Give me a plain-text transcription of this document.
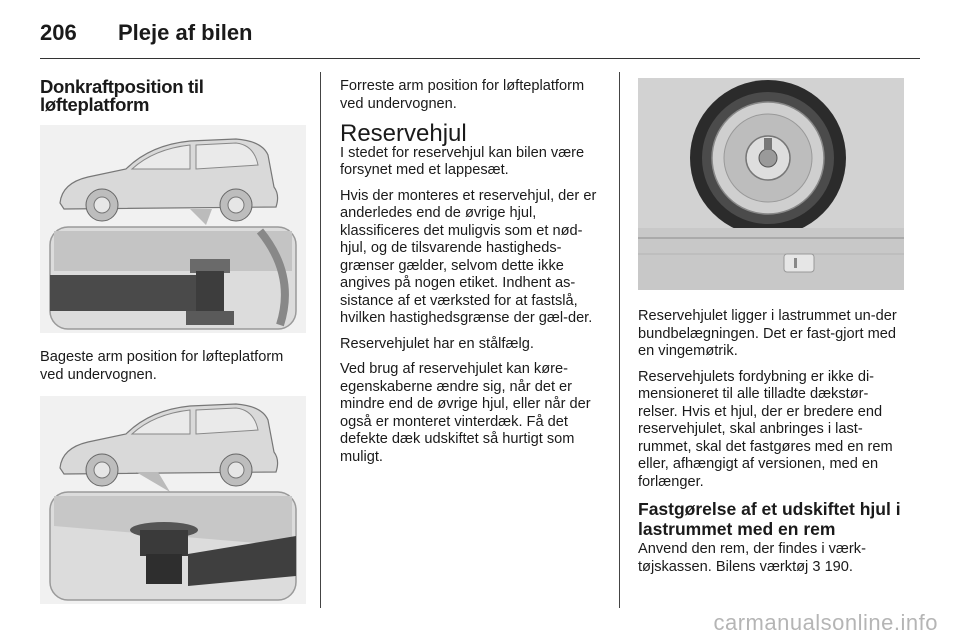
206 Pleje af bilen
Donkraftposition til løfteplatform

Bageste arm position for løfteplatform ved undervognen.

Forreste arm position for løfteplatform ved undervognen.

Reservehjul

I stedet for reservehjul kan bilen være forsynet med et lappesæt.

Hvis der monteres et reservehjul, der er anderledes end de øvrige hjul, klassificeres det muligvis som et nød-hjul, og de tilsvarende hastigheds-grænser gælder, selvom dette ikke angives på nogen etiket. Indhent as-sistance af et værksted for at fastslå, hvilken hastighedsgrænse der gæl-der.

Reservehjulet har en stålfælg.

Ved brug af reservehjulet kan køre-egenskaberne ændre sig, når det er mindre end de øvrige hjul, eller når der også er monteret vinterdæk. Få det defekte dæk udskiftet så hurtigt som muligt.

Reservehjulet ligger i lastrummet un-der bundbelægningen. Det er fast-gjort med en vingemøtrik.

Reservehjulets fordybning er ikke di-mensioneret til alle tilladte dækstør-relser. Hvis et hjul, der er bredere end reservehjulet, skal anbringes i last-rummet, skal det fastgøres med en rem eller, afhængigt af versionen, med en forlænger.

Fastgørelse af et udskiftet hjul i lastrummet med en rem

Anvend den rem, der findes i værk-tøjskassen. Bilens værktøj 3 190.

carmanualsonline.info
